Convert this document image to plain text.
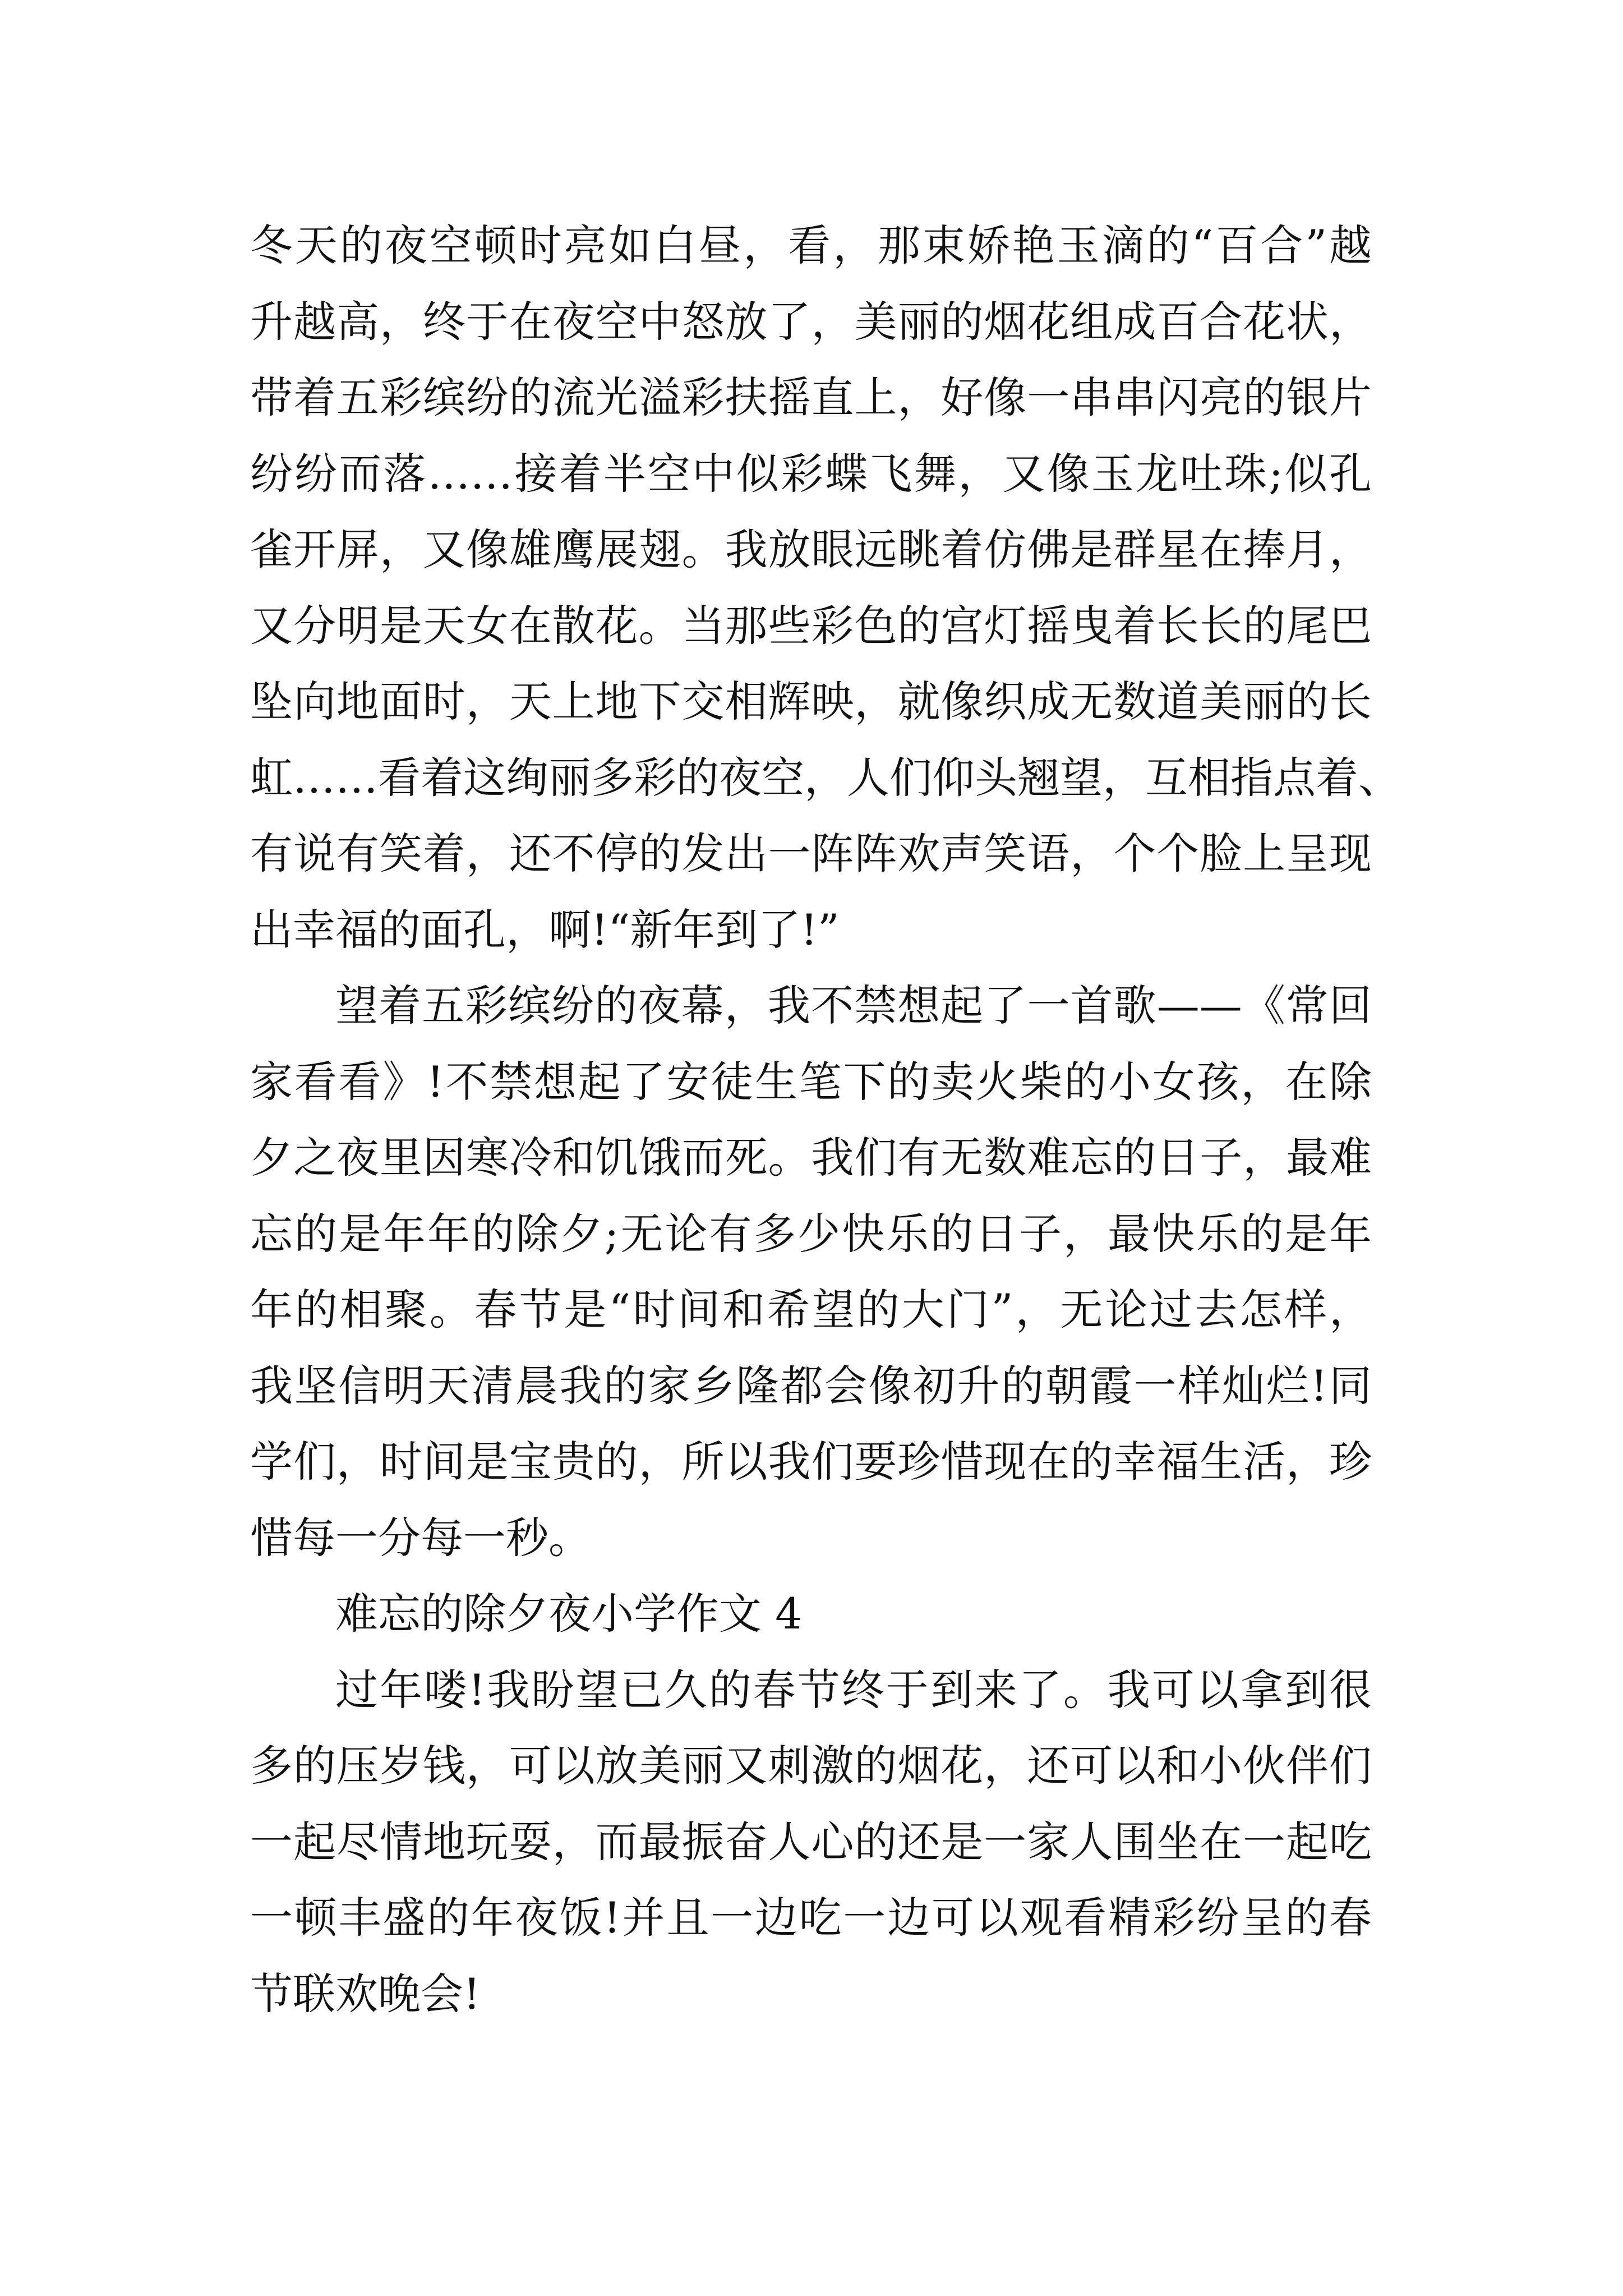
冬天的夜空顿时亮如白昼，看，那束娇艳玉滴的“百合”越
升越高，终于在夜空中怒放了，美丽的烟花组成百合花状，
带着五彩缤纷的流光溢彩扶摇直上，好像一串串闪亮的银片
纷纷而落……接着半空中似彩蝶飞舞，又像玉龙吐珠;似孔
雀开屏，又像雄鹰展翅。我放眼远眺着仿佛是群星在捧月，
又分明是天女在散花。当那些彩色的宫灯摇曳着长长的尾巴
坠向地面时，天上地下交相辉映，就像织成无数道美丽的长
虹……看着这绚丽多彩的夜空，人们仰头翘望，互相指点着、
有说有笑着，还不停的发出一阵阵欢声笑语，个个脸上呈现
出幸福的面孔，啊!“新年到了!”
望着五彩缤纷的夜幕，我不禁想起了一首歌——《常回
家看看》!不禁想起了安徒生笔下的卖火柴的小女孩，在除
夕之夜里因寒冷和饥饿而死。我们有无数难忘的日子，最难
忘的是年年的除夕;无论有多少快乐的日子，最快乐的是年
年的相聚。春节是“时间和希望的大门”，无论过去怎样，
我坚信明天清晨我的家乡隆都会像初升的朝霞一样灿烂!同
学们，时间是宝贵的，所以我们要珍惜现在的幸福生活，珍
惜每一分每一秒。
难忘的除夕夜小学作文 4
过年喽!我盼望已久的春节终于到来了。我可以拿到很
多的压岁钱，可以放美丽又刺激的烟花，还可以和小伙伴们
一起尽情地玩耍，而最振奋人心的还是一家人围坐在一起吃
一顿丰盛的年夜饭!并且一边吃一边可以观看精彩纷呈的春
节联欢晚会!
